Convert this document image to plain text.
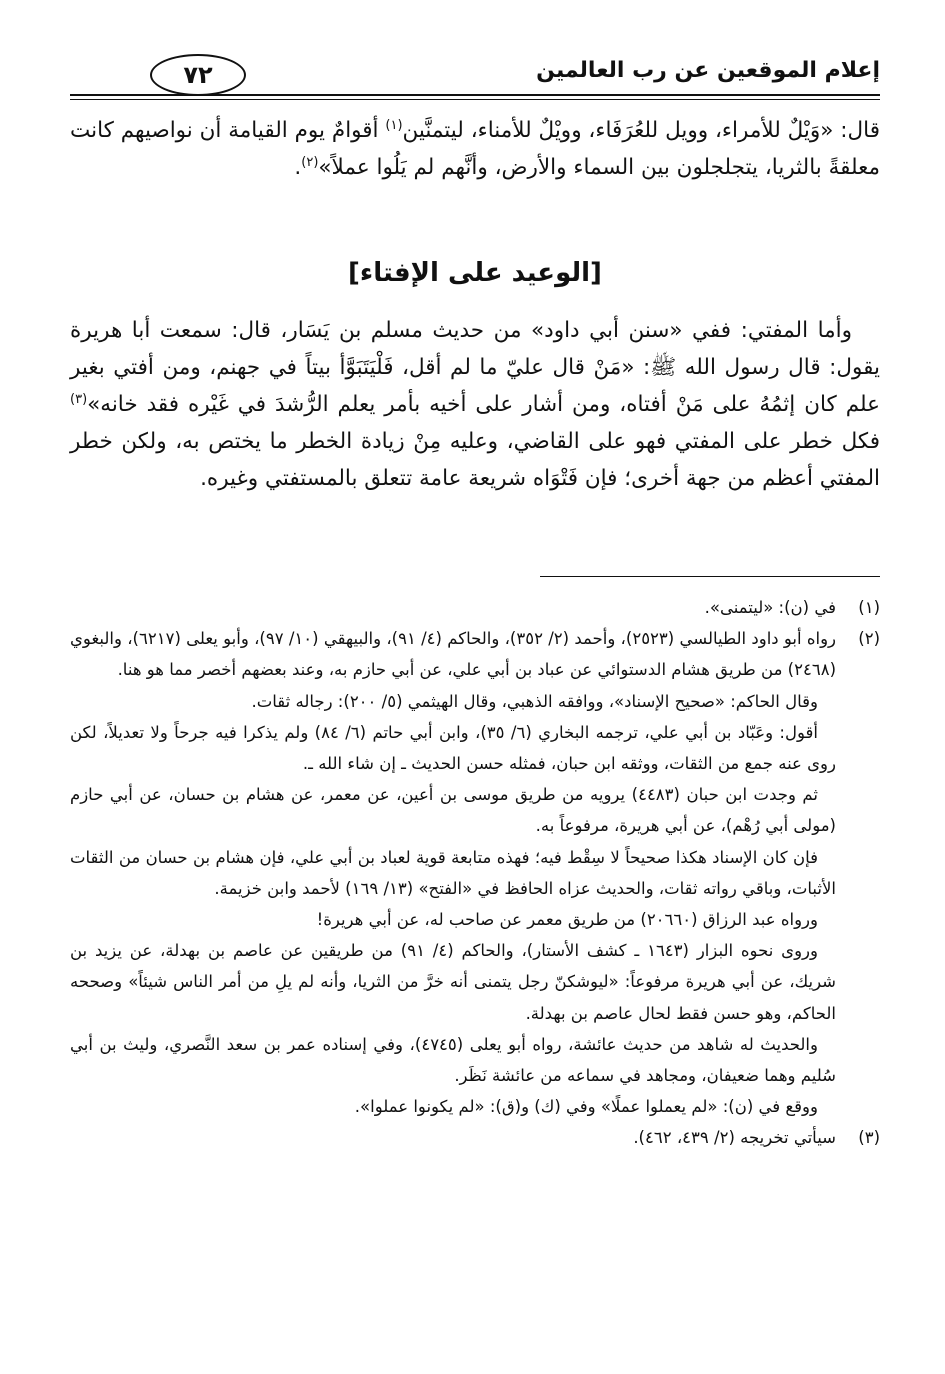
إعلام الموقعين عن رب العالمين
٧٢

قال: «وَيْلٌ للأمراء، وويل للعُرَفَاء، وويْلٌ للأمناء، ليتمنَّين$^{(١)}$ أقوامٌ يوم القيامة أن نواصيهم كانت معلقةً بالثريا، يتجلجلون بين السماء والأرض، وأنَّهم لم يَلُوا عملاً»$^{(٢)}$.

[الوعيد على الإفتاء]

وأما المفتي: ففي «سنن أبي داود» من حديث مسلم بن يَسَار، قال: سمعت أبا هريرة يقول: قال رسول الله ﷺ: «مَنْ قال عليّ ما لم أقل، فَلْيَتَبَوَّأ بيتاً في جهنم، ومن أفتي بغير علم كان إثمُهُ على مَنْ أفتاه، ومن أشار على أخيه بأمر يعلم الرُّشدَ في غَيْره فقد خانه»$^{(٣)}$ فكل خطر على المفتي فهو على القاضي، وعليه مِنْ زيادة الخطر ما يختص به، ولكن خطر المفتي أعظم من جهة أخرى؛ فإن فَتْوَاه شريعة عامة تتعلق بالمستفتي وغيره.

(١)

في (ن): «ليتمنى».

(٢)

رواه أبو داود الطيالسي (٢٥٢٣)، وأحمد (٢/ ٣٥٢)، والحاكم (٤/ ٩١)، والبيهقي (١٠/ ٩٧)، وأبو يعلى (٦٢١٧)، والبغوي (٢٤٦٨) من طريق هشام الدستوائي عن عباد بن أبي علي، عن أبي حازم به، وعند بعضهم أخصر مما هو هنا.

وقال الحاكم: «صحيح الإسناد»، ووافقه الذهبي، وقال الهيثمي (٥/ ٢٠٠): رجاله ثقات.

أقول: وعَبّاد بن أبي علي، ترجمه البخاري (٦/ ٣٥)، وابن أبي حاتم (٦/ ٨٤) ولم يذكرا فيه جرحاً ولا تعديلاً، لكن روى عنه جمع من الثقات، ووثقه ابن حبان، فمثله حسن الحديث ـ إن شاء الله ـ.

ثم وجدت ابن حبان (٤٤٨٣) يرويه من طريق موسى بن أعين، عن معمر، عن هشام بن حسان، عن أبي حازم (مولى أبي رُهْم)، عن أبي هريرة، مرفوعاً به.

فإن كان الإسناد هكذا صحيحاً لا سِقْط فيه؛ فهذه متابعة قوية لعباد بن أبي علي، فإن هشام بن حسان من الثقات الأثبات، وباقي رواته ثقات، والحديث عزاه الحافظ في «الفتح» (١٣/ ١٦٩) لأحمد وابن خزيمة.

ورواه عبد الرزاق (٢٠٦٦٠) من طريق معمر عن صاحب له، عن أبي هريرة!

وروى نحوه البزار (١٦٤٣ ـ كشف الأستار)، والحاكم (٤/ ٩١) من طريقين عن عاصم بن بهدلة، عن يزيد بن شريك، عن أبي هريرة مرفوعاً: «ليوشكنّ رجل يتمنى أنه خرَّ من الثريا، وأنه لم يلِ من أمر الناس شيئاً» وصححه الحاكم، وهو حسن فقط لحال عاصم بن بهدلة.

والحديث له شاهد من حديث عائشة، رواه أبو يعلى (٤٧٤٥)، وفي إسناده عمر بن سعد النَّصري، وليث بن أبي سُليم وهما ضعيفان، ومجاهد في سماعه من عائشة نَظَر.

ووقع في (ن): «لم يعملوا عملًا» وفي (ك) و(ق): «لم يكونوا عملوا».

(٣)

سيأتي تخريجه (٢/ ٤٣٩، ٤٦٢).
